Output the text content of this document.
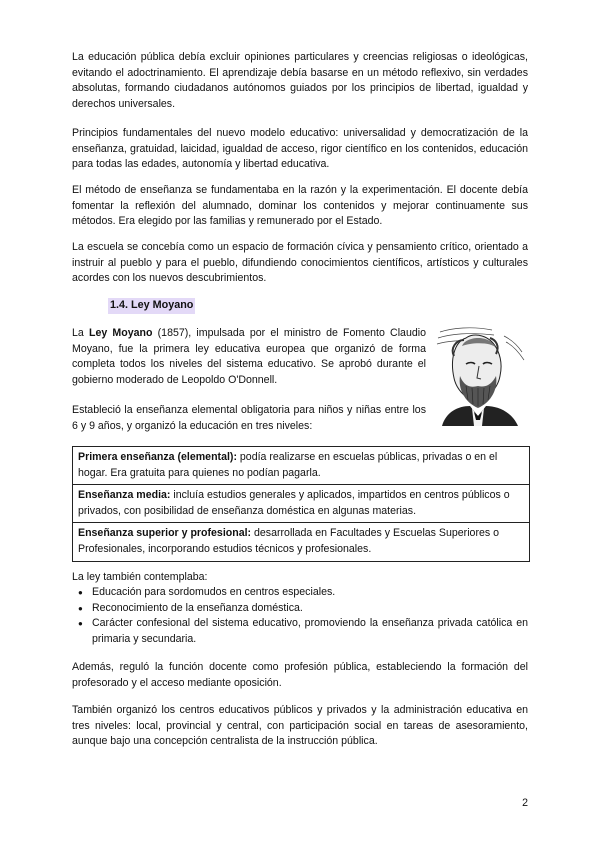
La educación pública debía excluir opiniones particulares y creencias religiosas o ideológicas, evitando el adoctrinamiento. El aprendizaje debía basarse en un método reflexivo, sin verdades absolutas, formando ciudadanos autónomos guiados por los principios de libertad, igualdad y derechos universales.

Principios fundamentales del nuevo modelo educativo: universalidad y democratización de la enseñanza, gratuidad, laicidad, igualdad de acceso, rigor científico en los contenidos, educación para todas las edades, autonomía y libertad educativa.

El método de enseñanza se fundamentaba en la razón y la experimentación. El docente debía fomentar la reflexión del alumnado, dominar los contenidos y mejorar continuamente sus métodos. Era elegido por las familias y remunerado por el Estado.

La escuela se concebía como un espacio de formación cívica y pensamiento crítico, orientado a instruir al pueblo y para el pueblo, difundiendo conocimientos científicos, artísticos y culturales acordes con los nuevos descubrimientos.

1.4. Ley Moyano

La Ley Moyano (1857), impulsada por el ministro de Fomento Claudio Moyano, fue la primera ley educativa europea que organizó de forma completa todos los niveles del sistema educativo. Se aprobó durante el gobierno moderado de Leopoldo O'Donnell.

Estableció la enseñanza elemental obligatoria para niños y niñas entre los 6 y 9 años, y organizó la educación en tres niveles:

Primera enseñanza (elemental): podía realizarse en escuelas públicas, privadas o en el hogar. Era gratuita para quienes no podían pagarla.
Enseñanza media: incluía estudios generales y aplicados, impartidos en centros públicos o privados, con posibilidad de enseñanza doméstica en algunas materias.
Enseñanza superior y profesional: desarrollada en Facultades y Escuelas Superiores o Profesionales, incorporando estudios técnicos y profesionales.

La ley también contemplaba:

● Educación para sordomudos en centros especiales.
● Reconocimiento de la enseñanza doméstica.
● Carácter confesional del sistema educativo, promoviendo la enseñanza privada católica en primaria y secundaria.

Además, reguló la función docente como profesión pública, estableciendo la formación del profesorado y el acceso mediante oposición.

También organizó los centros educativos públicos y privados y la administración educativa en tres niveles: local, provincial y central, con participación social en tareas de asesoramiento, aunque bajo una concepción centralista de la instrucción pública.

2
